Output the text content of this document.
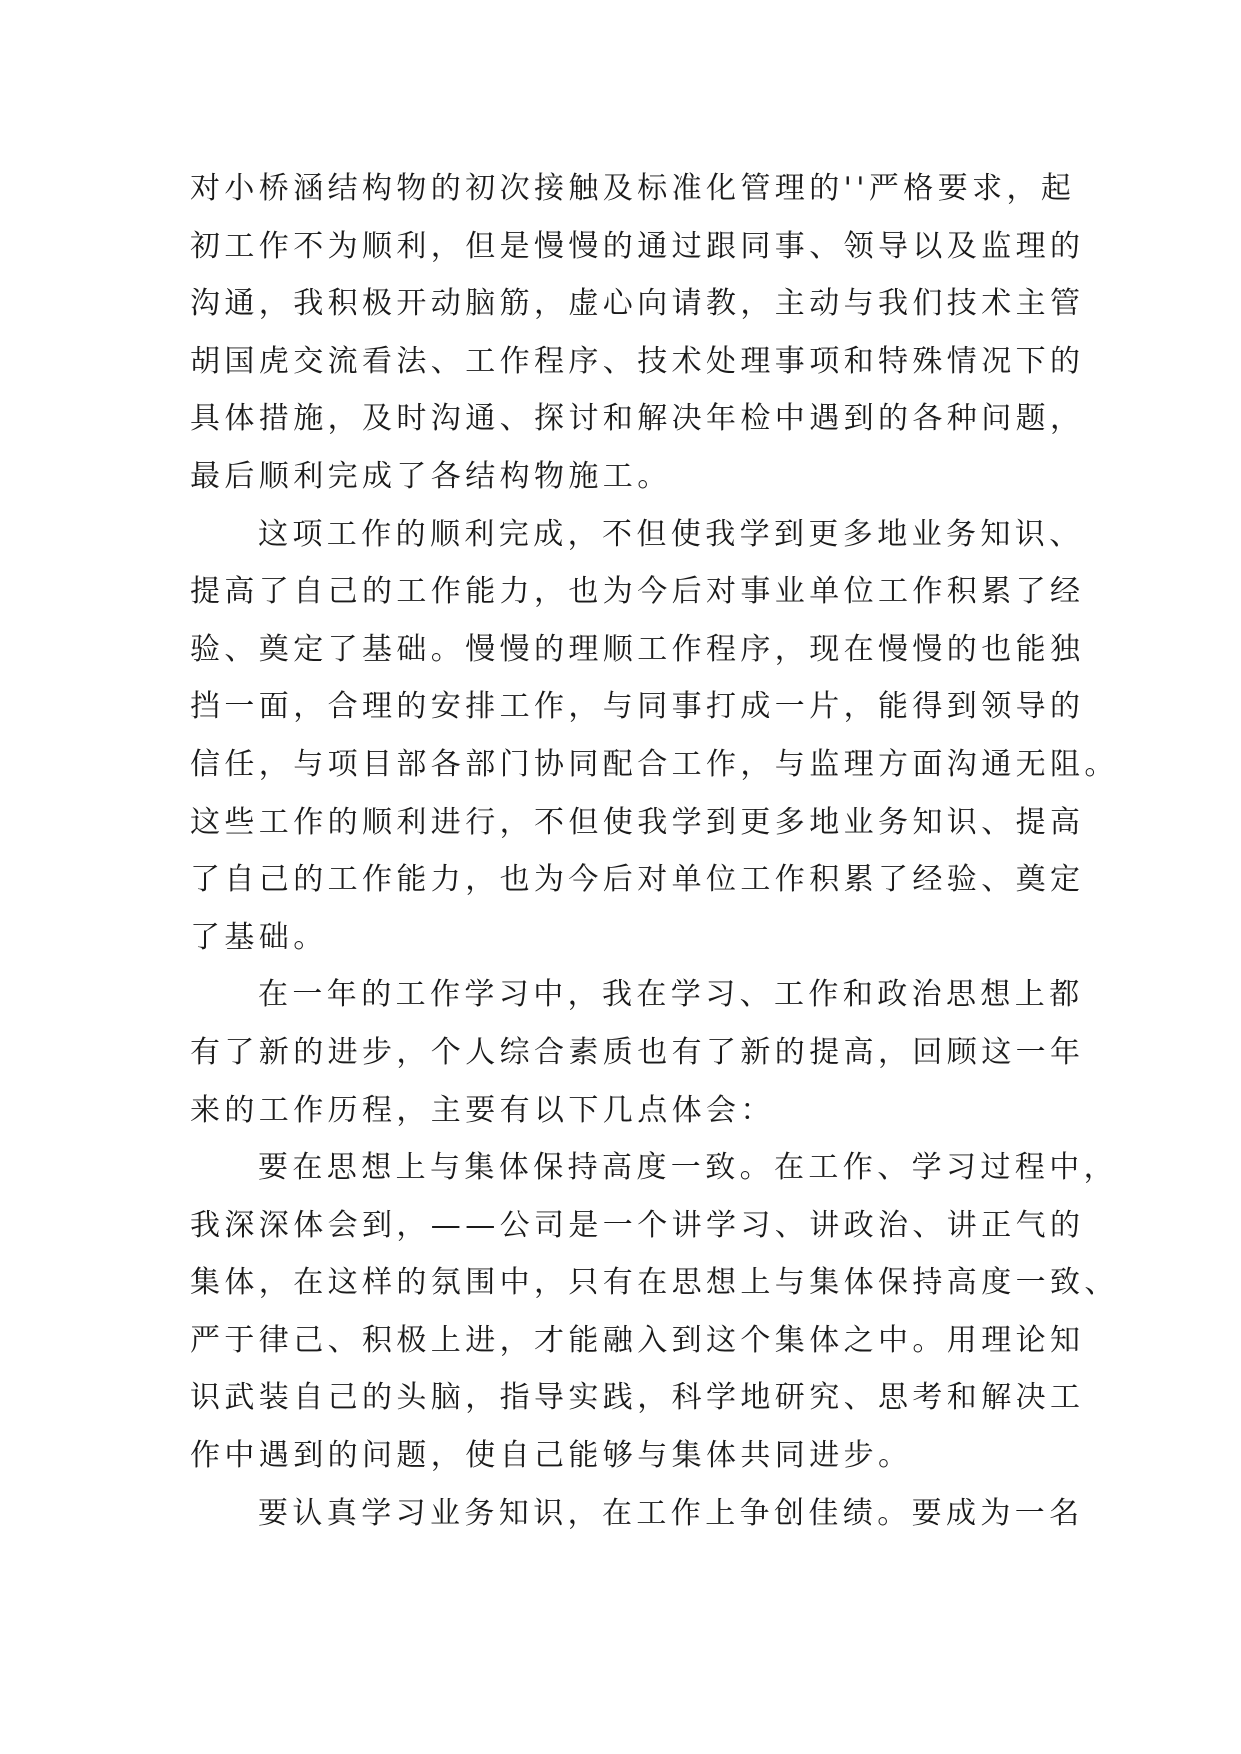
对小桥涵结构物的初次接触及标准化管理的''严格要求，起
初工作不为顺利，但是慢慢的通过跟同事、领导以及监理的
沟通，我积极开动脑筋，虚心向请教，主动与我们技术主管
胡国虎交流看法、工作程序、技术处理事项和特殊情况下的
具体措施，及时沟通、探讨和解决年检中遇到的各种问题，
最后顺利完成了各结构物施工。
这项工作的顺利完成，不但使我学到更多地业务知识、
提高了自己的工作能力，也为今后对事业单位工作积累了经
验、奠定了基础。慢慢的理顺工作程序，现在慢慢的也能独
挡一面，合理的安排工作，与同事打成一片，能得到领导的
信任，与项目部各部门协同配合工作，与监理方面沟通无阻。
这些工作的顺利进行，不但使我学到更多地业务知识、提高
了自己的工作能力，也为今后对单位工作积累了经验、奠定
了基础。
在一年的工作学习中，我在学习、工作和政治思想上都
有了新的进步，个人综合素质也有了新的提高，回顾这一年
来的工作历程，主要有以下几点体会：
要在思想上与集体保持高度一致。在工作、学习过程中，
我深深体会到，——公司是一个讲学习、讲政治、讲正气的
集体，在这样的氛围中，只有在思想上与集体保持高度一致、
严于律己、积极上进，才能融入到这个集体之中。用理论知
识武装自己的头脑，指导实践，科学地研究、思考和解决工
作中遇到的问题，使自己能够与集体共同进步。
要认真学习业务知识，在工作上争创佳绩。要成为一名
